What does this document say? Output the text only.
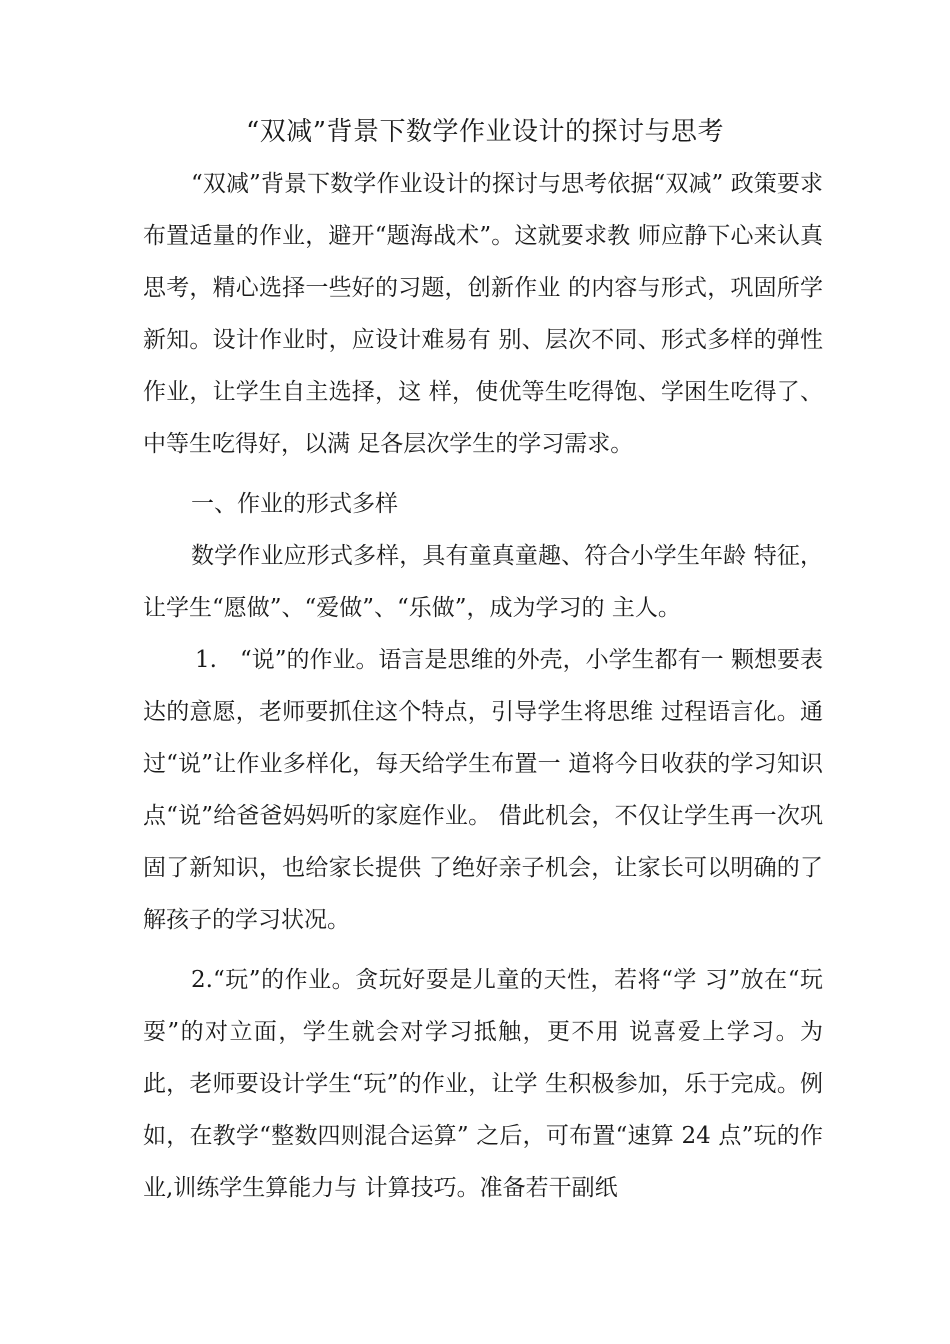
“双减”背景下数学作业设计的探讨与思考

“双减”背景下数学作业设计的探讨与思考依据“双减” 政策要求布置适量的作业，避开“题海战术”。这就要求教 师应静下心来认真思考，精心选择一些好的习题，创新作业 的内容与形式，巩固所学新知。设计作业时，应设计难易有 别、层次不同、形式多样的弹性作业，让学生自主选择，这 样，使优等生吃得饱、学困生吃得了、中等生吃得好，以满 足各层次学生的学习需求。

一、作业的形式多样

数学作业应形式多样，具有童真童趣、符合小学生年龄 特征，让学生“愿做”、“爱做”、“乐做”，成为学习的 主人。

1.　“说”的作业。语言是思维的外壳，小学生都有一 颗想要表达的意愿，老师要抓住这个特点，引导学生将思维 过程语言化。通过“说”让作业多样化，每天给学生布置一 道将今日收获的学习知识点“说”给爸爸妈妈听的家庭作业。 借此机会，不仅让学生再一次巩固了新知识，也给家长提供 了绝好亲子机会，让家长可以明确的了解孩子的学习状况。

2.“玩”的作业。贪玩好耍是儿童的天性，若将“学 习”放在“玩耍”的对立面，学生就会对学习抵触，更不用 说喜爱上学习。为此，老师要设计学生“玩”的作业，让学 生积极参加，乐于完成。例如，在教学“整数四则混合运算” 之后，可布置“速算 24 点”玩的作业,训练学生算能力与 计算技巧。准备若干副纸
